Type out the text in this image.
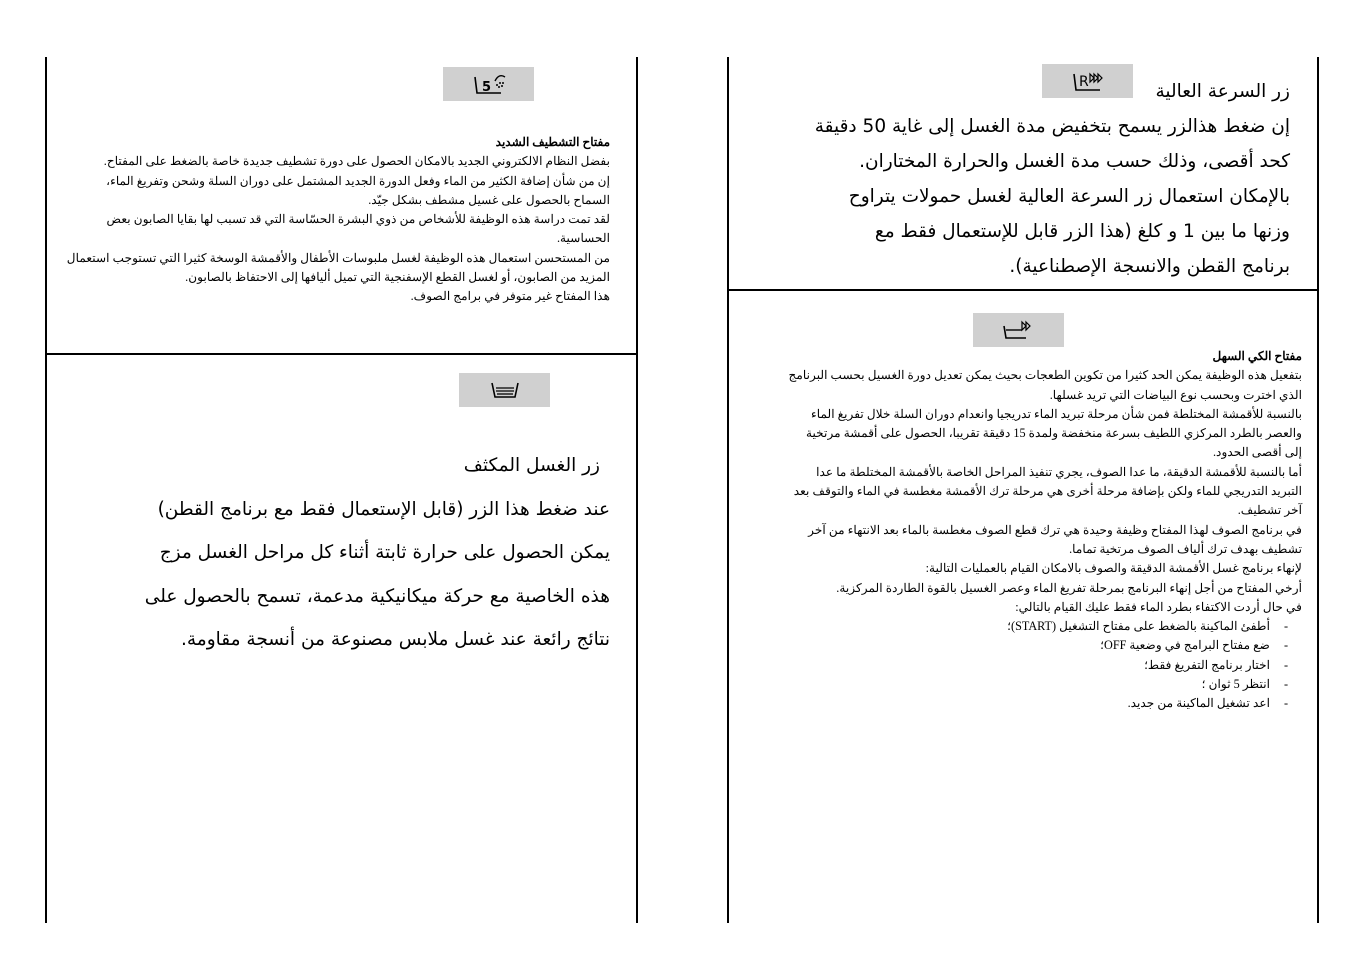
5

مفتاح التشطيف الشديد

بفضل النظام الالكتروني الجديد بالامكان الحصول على دورة تشطيف جديدة خاصة بالضغط على المفتاح.

إن من شأن إضافة الكثير من الماء وفعل الدورة الجديد المشتمل على دوران السلة وشحن وتفريغ الماء،

السماح بالحصول على غسيل مشطف بشكل جيّد.

لقد تمت دراسة هذه الوظيفة للأشخاص من ذوي البشرة الحسّاسة التي قد تسبب لها بقايا الصابون بعض

الحساسية.

من المستحسن استعمال هذه الوظيفة لغسل ملبوسات الأطفال والأقمشة الوسخة كثيرا التي تستوجب استعمال

المزيد من الصابون، أو لغسل القطع الإسفنجية التي تميل أليافها إلى الاحتفاظ بالصابون.

هذا المفتاح غير متوفر في برامج الصوف.

زر الغسل المكثف

عند ضغط هذا الزر (قابل الإستعمال فقط مع برنامج القطن)

يمكن الحصول على حرارة ثابتة أثناء كل مراحل الغسل مزج

هذه الخاصية مع حركة ميكانيكية مدعمة، تسمح بالحصول على

نتائج رائعة عند غسل ملابس مصنوعة من أنسجة مقاومة.

R	زر السرعة العالية

إن ضغط هذالزر يسمح بتخفيض مدة الغسل إلى غاية 50 دقيقة

كحد أقصى، وذلك حسب مدة الغسل والحرارة المختاران.

بالإمكان استعمال زر السرعة العالية لغسل حمولات يتراوح

وزنها ما بين 1 و كلغ (هذا الزر قابل للإستعمال فقط مع

برنامج القطن والانسجة الإصطناعية).

مفتاح الكي السهل

بتفعيل هذه الوظيفة يمكن الحد كثيرا من تكوين الطعجات بحيث يمكن تعديل دورة الغسيل بحسب البرنامج

الذي اخترت وبحسب نوع البياضات التي تريد غسلها.

بالنسبة للأقمشة المختلطة فمن شأن مرحلة تبريد الماء تدريجيا وانعدام دوران السلة خلال تفريغ الماء

والعصر بالطرد المركزي اللطيف بسرعة منخفضة ولمدة 15 دقيقة تقريبا، الحصول على أقمشة مرتخية

إلى أقصى الحدود.

أما بالنسبة للأقمشة الدقيقة، ما عدا الصوف، يجري تنفيذ المراحل الخاصة بالأقمشة المختلطة ما عدا

التبريد التدريجي للماء ولكن بإضافة مرحلة أخرى هي مرحلة ترك الأقمشة مغطسة في الماء والتوقف بعد

آخر تشطيف.

في برنامج الصوف لهذا المفتاح وظيفة وحيدة هي ترك قطع الصوف مغطسة بالماء بعد الانتهاء من آخر

تشطيف بهدف ترك ألياف الصوف مرتخية تماما.

لإنهاء برنامج غسل الأقمشة الدقيقة والصوف بالامكان القيام بالعمليات التالية:

أرخي المفتاح من أجل إنهاء البرنامج بمرحلة تفريغ الماء وعصر الغسيل بالقوة الطاردة المركزية.

في حال أردت الاكتفاء بطرد الماء فقط عليك القيام بالتالي:

-أطفئ الماكينة بالضغط على مفتاح التشغيل (START)؛
-ضع مفتاح البرامج في وضعية OFF؛
-اختار برنامج التفريغ فقط؛
-انتظر 5 ثوان ؛
-اعد تشغيل الماكينة من جديد.
